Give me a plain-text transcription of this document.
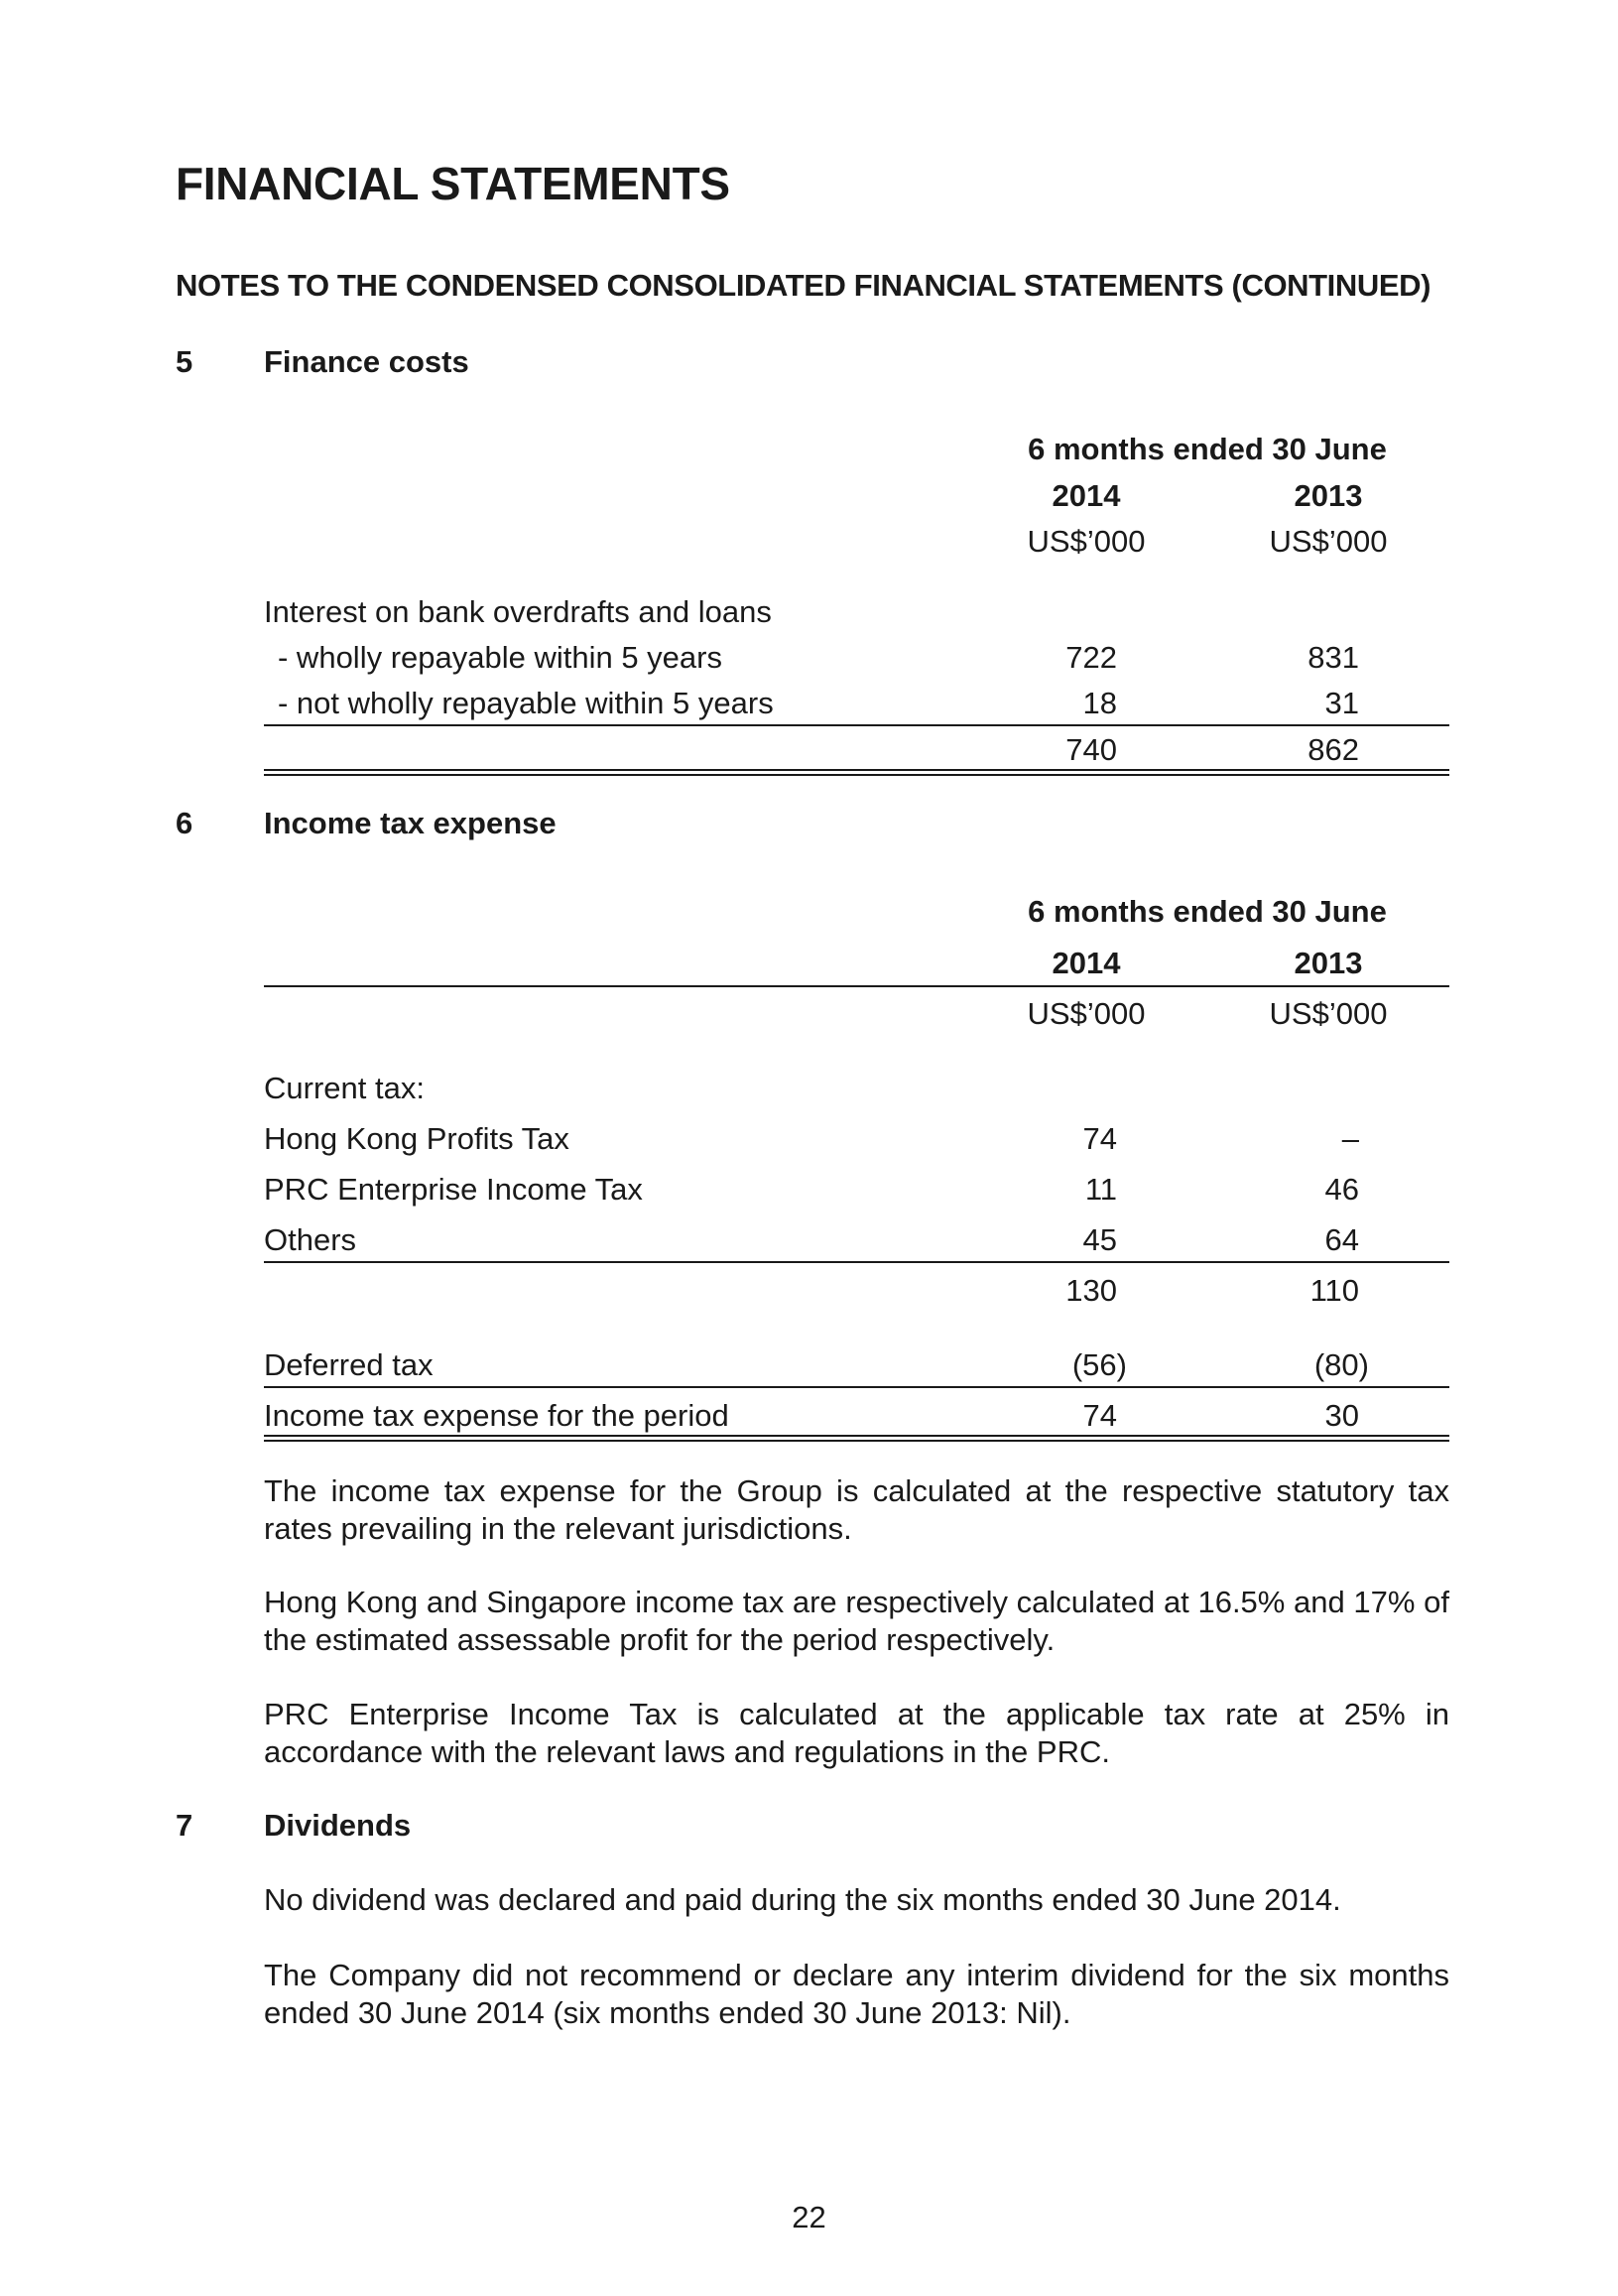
FINANCIAL STATEMENTS
NOTES TO THE CONDENSED CONSOLIDATED FINANCIAL STATEMENTS (CONTINUED)
5 Finance costs
6 months ended 30 June
2014	2013
US$’000	US$’000
Interest on bank overdrafts and loans
- wholly repayable within 5 years	722	831
- not wholly repayable within 5 years	18	31
740	862
6 Income tax expense
6 months ended 30 June
2014	2013
US$’000	US$’000
Current tax:
Hong Kong Profits Tax	74	–
PRC Enterprise Income Tax	11	46
Others	45	64
130	110
Deferred tax	(56)	(80)
Income tax expense for the period	74	30
The income tax expense for the Group is calculated at the respective statutory tax rates prevailing in the relevant jurisdictions.
Hong Kong and Singapore income tax are respectively calculated at 16.5% and 17% of the estimated assessable profit for the period respectively.
PRC Enterprise Income Tax is calculated at the applicable tax rate at 25% in accordance with the relevant laws and regulations in the PRC.
7 Dividends
No dividend was declared and paid during the six months ended 30 June 2014.
The Company did not recommend or declare any interim dividend for the six months ended 30 June 2014 (six months ended 30 June 2013: Nil).
22
